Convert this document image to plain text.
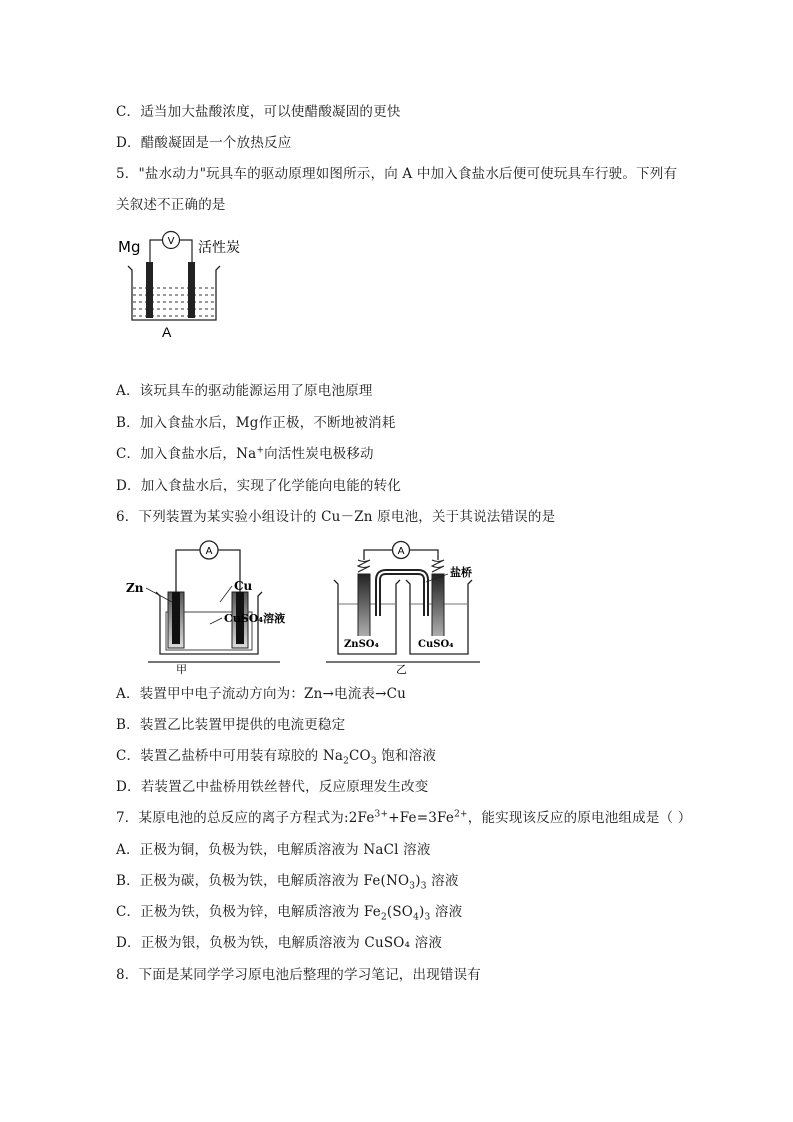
C．适当加大盐酸浓度，可以使醋酸凝固的更快
D．醋酸凝固是一个放热反应
5．"盐水动力"玩具车的驱动原理如图所示，向 A 中加入食盐水后便可使玩具车行驶。下列有
关叙述不正确的是
Mg	活性炭
V
A
A．该玩具车的驱动能源运用了原电池原理
B．加入食盐水后，Mg作正极，不断地被消耗
C．加入食盐水后，Na+向活性炭电极移动
D．加入食盐水后，实现了化学能向电能的转化
6．下列装置为某实验小组设计的 Cu－Zn 原电池，关于其说法错误的是
A
Zn	Cu
CuSO₄溶液
甲
A
盐桥
ZnSO₄	CuSO₄
乙
A．装置甲中电子流动方向为：Zn→电流表→Cu
B．装置乙比装置甲提供的电流更稳定
C．装置乙盐桥中可用装有琼胶的 $Na_2CO_3$ 饱和溶液
D．若装置乙中盐桥用铁丝替代，反应原理发生改变
7．某原电池的总反应的离子方程式为$:2Fe^{3+}+Fe=3Fe^{2+}$，能实现该反应的原电池组成是（ ）
A．正极为铜，负极为铁，电解质溶液为 NaCl 溶液
B．正极为碳，负极为铁，电解质溶液为 $Fe(NO_3)_3$ 溶液
C．正极为铁，负极为锌，电解质溶液为 $Fe_2(SO_4)_3$ 溶液
D．正极为银，负极为铁，电解质溶液为 CuSO₄ 溶液
8．下面是某同学学习原电池后整理的学习笔记，出现错误有
